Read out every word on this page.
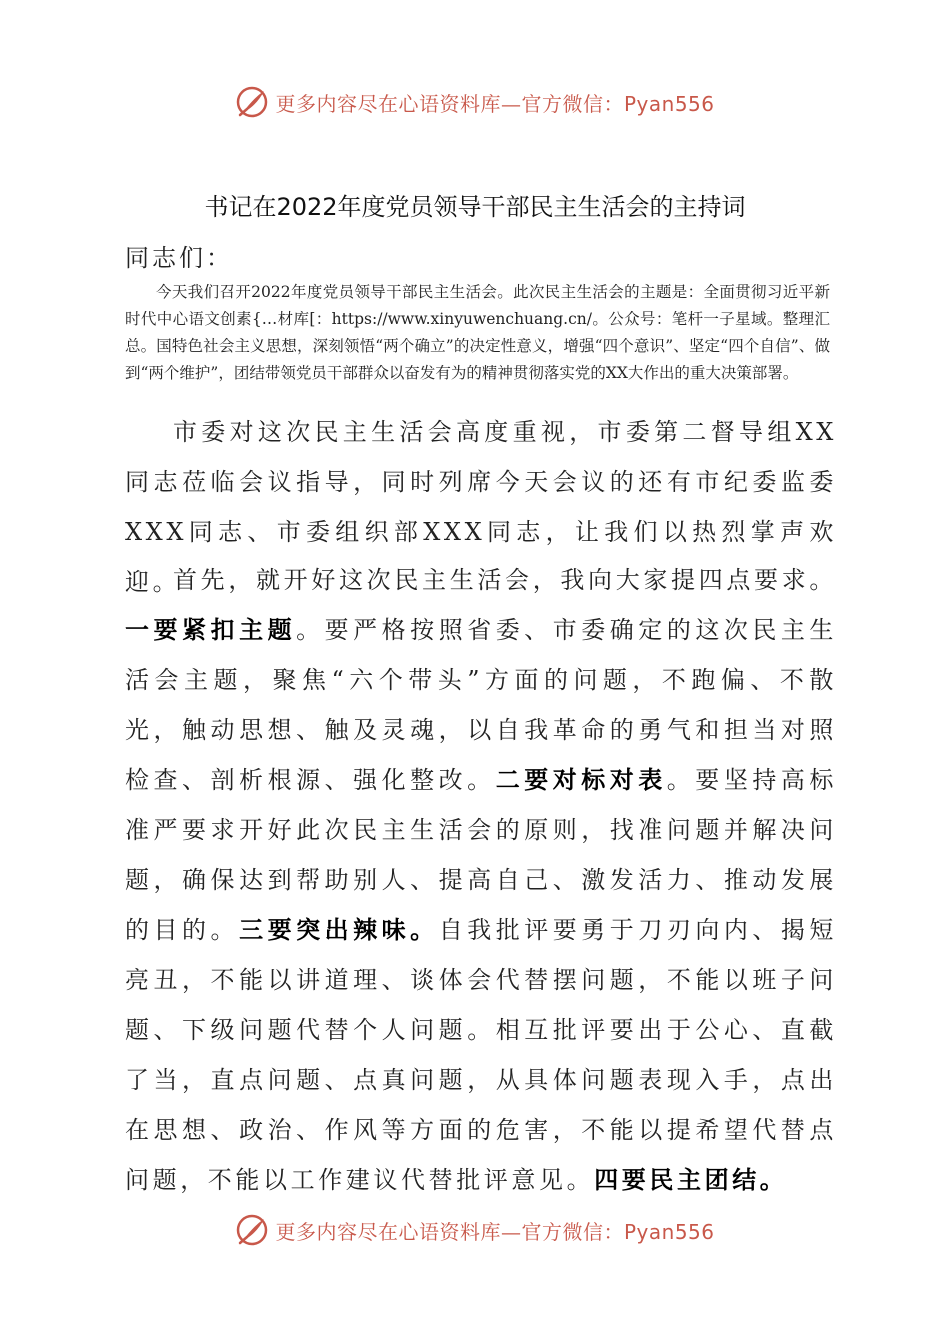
更多内容尽在心语资料库—官方微信：Pyan556
书记在2022年度党员领导干部民主生活会的主持词
同志们：
今天我们召开2022年度党员领导干部民主生活会。此次民主生活会的主题是：全面贯彻习近平新时代中心语文创素{…材库[：https://www.xinyuwenchuang.cn/。公众号：笔杆一子星域。整理汇总。国特色社会主义思想，深刻领悟“两个确立”的决定性意义，增强“四个意识”、坚定“四个自信”、做到“两个维护”，团结带领党员干部群众以奋发有为的精神贯彻落实党的XX大作出的重大决策部署。
市委对这次民主生活会高度重视，市委第二督导组XX同志莅临会议指导，同时列席今天会议的还有市纪委监委XXX同志、市委组织部XXX同志，让我们以热烈掌声欢迎。
首先，就开好这次民主生活会，我向大家提四点要求。一要紧扣主题。要严格按照省委、市委确定的这次民主生活会主题，聚焦“六个带头”方面的问题，不跑偏、不散光，触动思想、触及灵魂，以自我革命的勇气和担当对照检查、剖析根源、强化整改。二要对标对表。要坚持高标准严要求开好此次民主生活会的原则，找准问题并解决问题，确保达到帮助别人、提高自己、激发活力、推动发展的目的。三要突出辣味。自我批评要勇于刀刃向内、揭短亮丑，不能以讲道理、谈体会代替摆问题，不能以班子问题、下级问题代替个人问题。相互批评要出于公心、直截了当，直点问题、点真问题，从具体问题表现入手，点出在思想、政治、作风等方面的危害，不能以提希望代替点问题，不能以工作建议代替批评意见。四要民主团结。
更多内容尽在心语资料库—官方微信：Pyan556
